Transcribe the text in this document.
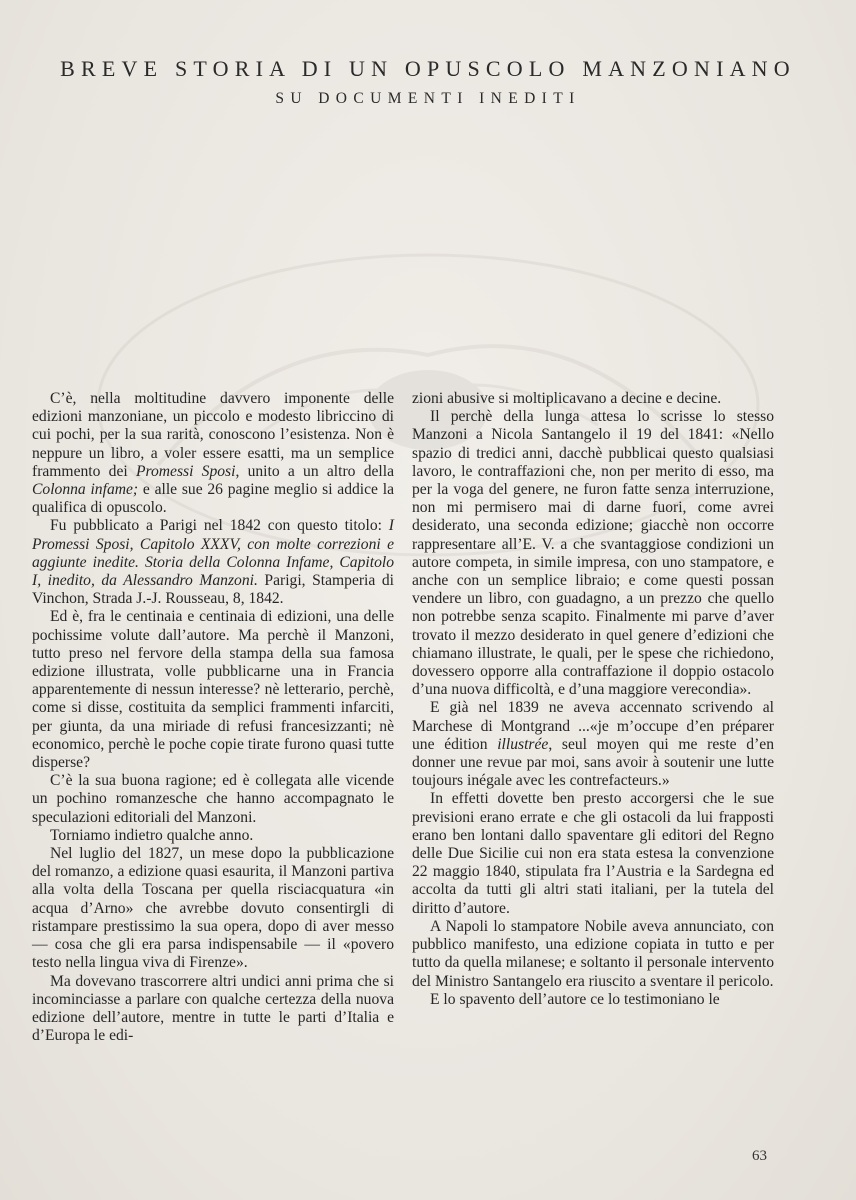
BREVE STORIA DI UN OPUSCOLO MANZONIANO
SU DOCUMENTI INEDITI

C’è, nella moltitudine davvero imponente delle edizioni manzoniane, un piccolo e modesto libriccino di cui pochi, per la sua rarità, conoscono l’esistenza. Non è neppure un libro, a voler essere esatti, ma un semplice frammento dei Promessi Sposi, unito a un altro della Colonna infame; e alle sue 26 pagine meglio si addice la qualifica di opuscolo.

Fu pubblicato a Parigi nel 1842 con questo titolo: I Promessi Sposi, Capitolo XXXV, con molte correzioni e aggiunte inedite. Storia della Colonna Infame, Capitolo I, inedito, da Alessandro Manzoni. Parigi, Stamperia di Vinchon, Strada J.-J. Rousseau, 8, 1842.

Ed è, fra le centinaia e centinaia di edizioni, una delle pochissime volute dall’autore. Ma perchè il Manzoni, tutto preso nel fervore della stampa della sua famosa edizione illustrata, volle pubblicarne una in Francia apparentemente di nessun interesse? nè letterario, perchè, come si disse, costituita da semplici frammenti infarciti, per giunta, da una miriade di refusi francesizzanti; nè economico, perchè le poche copie tirate furono quasi tutte disperse?

C’è la sua buona ragione; ed è collegata alle vicende un pochino romanzesche che hanno accompagnato le speculazioni editoriali del Manzoni.

Torniamo indietro qualche anno.

Nel luglio del 1827, un mese dopo la pubblicazione del romanzo, a edizione quasi esaurita, il Manzoni partiva alla volta della Toscana per quella risciacquatura «in acqua d’Arno» che avrebbe dovuto consentirgli di ristampare prestissimo la sua opera, dopo di aver messo — cosa che gli era parsa indispensabile — il «povero testo nella lingua viva di Firenze».

Ma dovevano trascorrere altri undici anni prima che si incominciasse a parlare con qualche certezza della nuova edizione dell’autore, mentre in tutte le parti d’Italia e d’Europa le edi-

zioni abusive si moltiplicavano a decine e decine.

Il perchè della lunga attesa lo scrisse lo stesso Manzoni a Nicola Santangelo il 19 del 1841: «Nello spazio di tredici anni, dacchè pubblicai questo qualsiasi lavoro, le contraffazioni che, non per merito di esso, ma per la voga del genere, ne furon fatte senza interruzione, non mi permisero mai di darne fuori, come avrei desiderato, una seconda edizione; giacchè non occorre rappresentare all’E. V. a che svantaggiose condizioni un autore competa, in simile impresa, con uno stampatore, e anche con un semplice libraio; e come questi possan vendere un libro, con guadagno, a un prezzo che quello non potrebbe senza scapito. Finalmente mi parve d’aver trovato il mezzo desiderato in quel genere d’edizioni che chiamano illustrate, le quali, per le spese che richiedono, dovessero opporre alla contraffazione il doppio ostacolo d’una nuova difficoltà, e d’una maggiore verecondia».

E già nel 1839 ne aveva accennato scrivendo al Marchese di Montgrand ...«je m’occupe d’en préparer une édition illustrée, seul moyen qui me reste d’en donner une revue par moi, sans avoir à soutenir une lutte toujours inégale avec les contrefacteurs.»

In effetti dovette ben presto accorgersi che le sue previsioni erano errate e che gli ostacoli da lui frapposti erano ben lontani dallo spaventare gli editori del Regno delle Due Sicilie cui non era stata estesa la convenzione 22 maggio 1840, stipulata fra l’Austria e la Sardegna ed accolta da tutti gli altri stati italiani, per la tutela del diritto d’autore.

A Napoli lo stampatore Nobile aveva annunciato, con pubblico manifesto, una edizione copiata in tutto e per tutto da quella milanese; e soltanto il personale intervento del Ministro Santangelo era riuscito a sventare il pericolo.

E lo spavento dell’autore ce lo testimoniano le

63
